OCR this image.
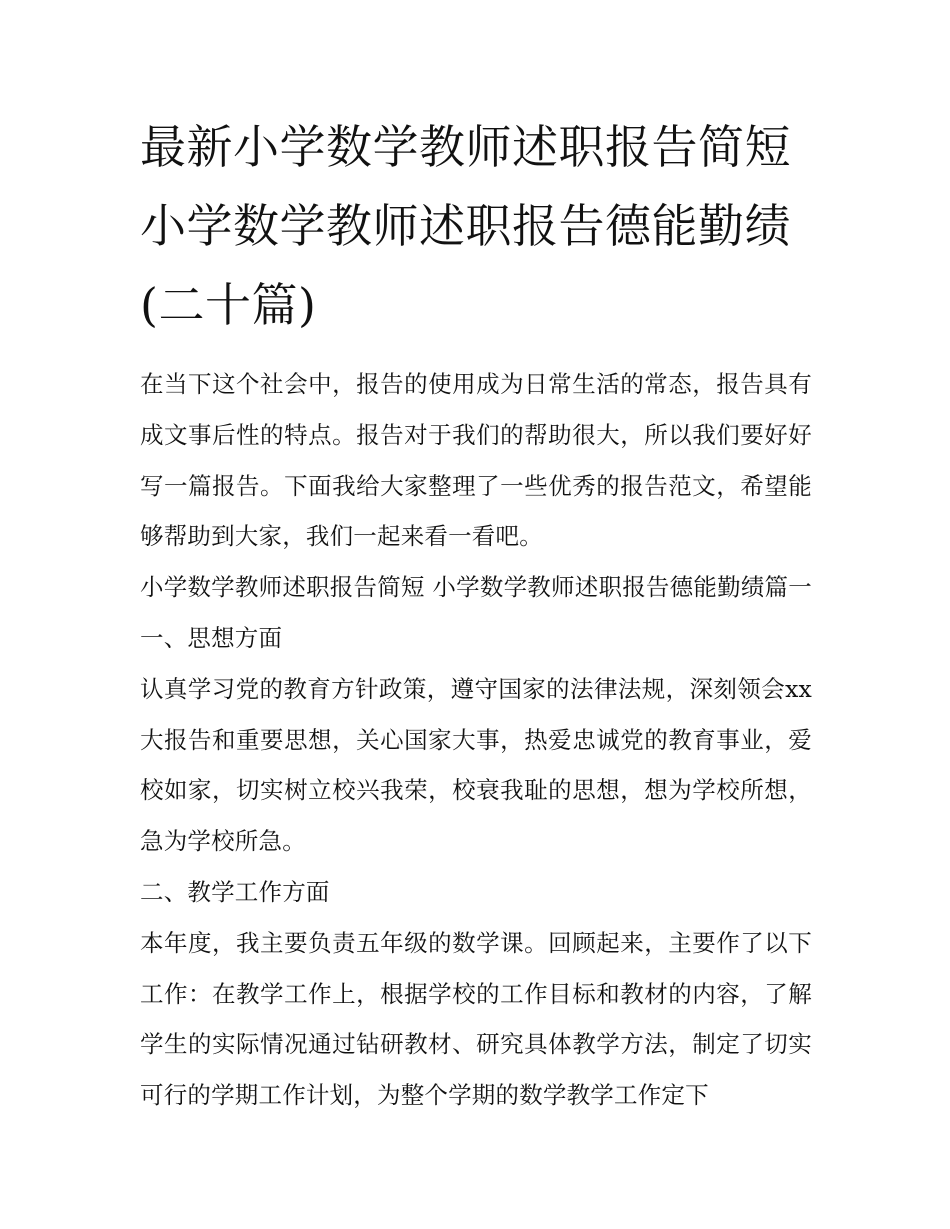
最新小学数学教师述职报告简短 小学数学教师述职报告德能勤绩(二十篇)

在当下这个社会中，报告的使用成为日常生活的常态，报告具有成文事后性的特点。报告对于我们的帮助很大，所以我们要好好写一篇报告。下面我给大家整理了一些优秀的报告范文，希望能够帮助到大家，我们一起来看一看吧。

小学数学教师述职报告简短 小学数学教师述职报告德能勤绩篇一 一、思想方面

认真学习党的教育方针政策，遵守国家的法律法规，深刻领会xx大报告和重要思想，关心国家大事，热爱忠诚党的教育事业，爱校如家，切实树立校兴我荣，校衰我耻的思想，想为学校所想，急为学校所急。

二、教学工作方面

本年度，我主要负责五年级的数学课。回顾起来，主要作了以下工作：在教学工作上，根据学校的工作目标和教材的内容，了解学生的实际情况通过钻研教材、研究具体教学方法，制定了切实可行的学期工作计划，为整个学期的数学教学工作定下
